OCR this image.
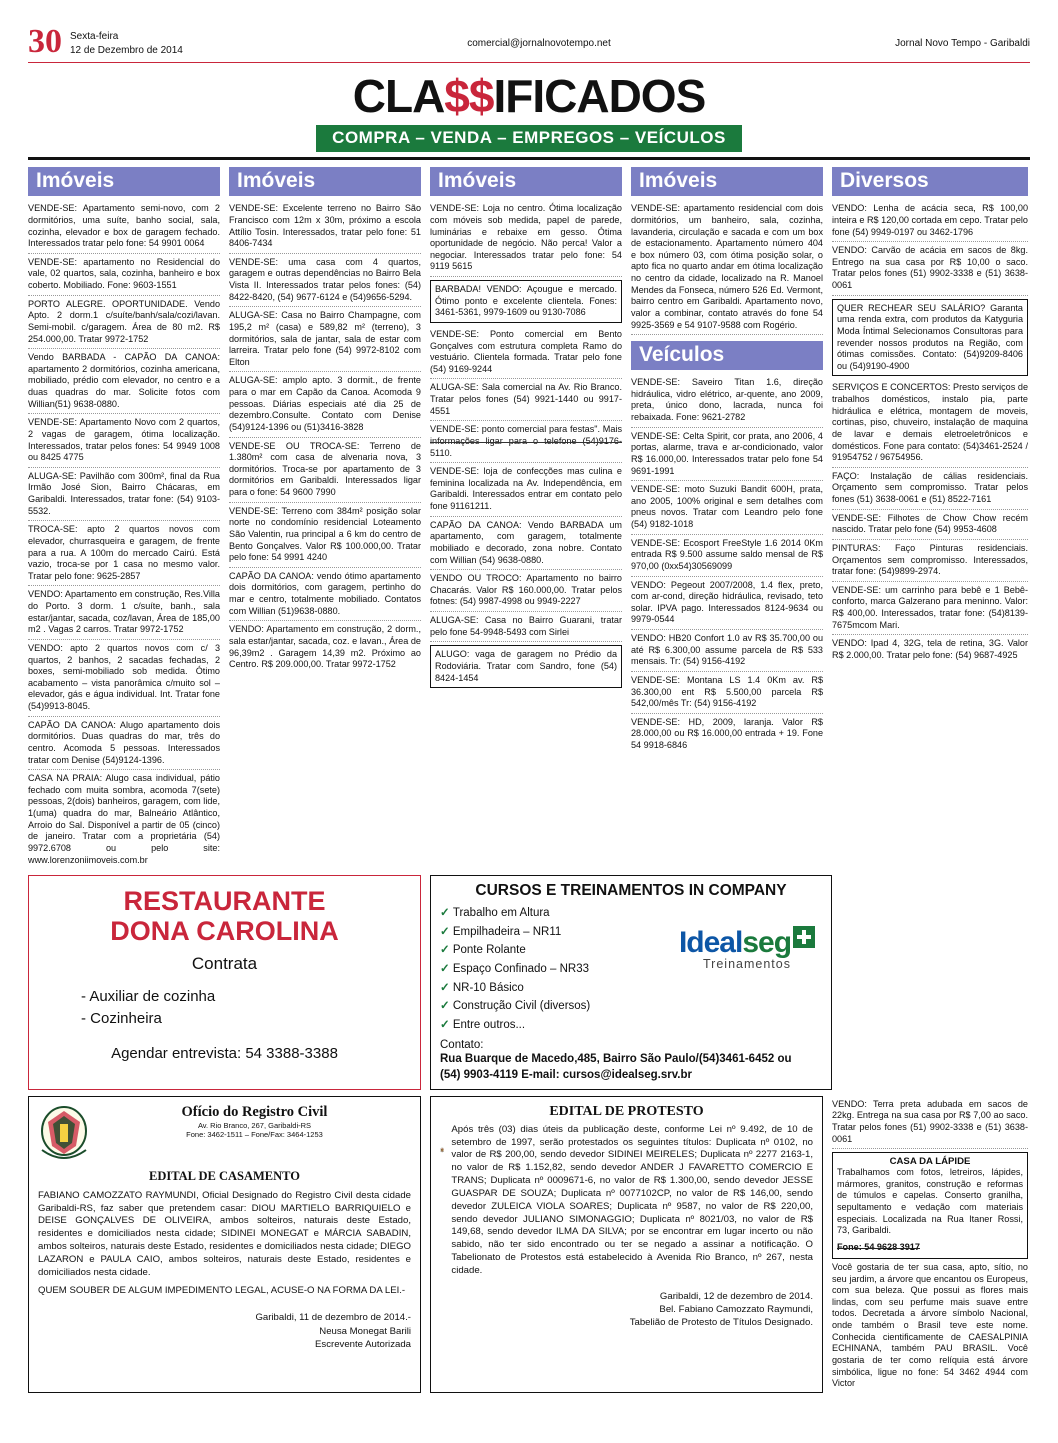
30 Sexta-feira
12 de Dezembro de 2014
comercial@jornalnovotempo.net	Jornal Novo Tempo - Garibaldi
CLA$$IFICADOS
COMPRA – VENDA – EMPREGOS – VEÍCULOS
Imóveis
VENDE-SE: Apartamento semi-novo, com 2 dormitórios, uma suíte, banho social, sala, cozinha, elevador e box de garagem fechado. Interessados tratar pelo fone: 54 9901 0064
VENDE-SE: apartamento no Residencial do vale, 02 quartos, sala, cozinha, banheiro e box coberto. Mobiliado. Fone: 9603-1551
PORTO ALEGRE. OPORTUNIDADE. Vendo Apto. 2 dorm.1 c/suíte/banh/sala/cozi/lavan. Semi-mobil. c/garagem. Área de 80 m2. R$ 254.000,00. Tratar 9972-1752
Vendo BARBADA - CAPÃO DA CANOA: apartamento 2 dormitórios, cozinha americana, mobiliado, prédio com elevador, no centro e a duas quadras do mar. Solicite fotos com Willian(51) 9638-0880.
VENDE-SE: Apartamento Novo com 2 quartos, 2 vagas de garagem, ótima localização. Interessados, tratar pelos fones: 54 9949 1008 ou 8425 4775
ALUGA-SE: Pavilhão com 300m², final da Rua Irmão José Sion, Bairro Chácaras, em Garibaldi. Interessados, tratar fone: (54) 9103-5532.
TROCA-SE: apto 2 quartos novos com elevador, churrasqueira e garagem, de frente para a rua. A 100m do mercado Cairú. Está vazio, troca-se por 1 casa no mesmo valor. Tratar pelo fone: 9625-2857
VENDO: Apartamento em construção, Res.Villa do Porto. 3 dorm. 1 c/suíte, banh., sala estar/jantar, sacada, coz/lavan, Área de 185,00 m2 . Vagas 2 carros. Tratar 9972-1752
VENDO: apto 2 quartos novos com c/ 3 quartos, 2 banhos, 2 sacadas fechadas, 2 boxes, semi-mobiliado sob medida. Ótimo acabamento – vista panorâmica c/muito sol – elevador, gás e água individual. Int. Tratar fone (54)9913-8045.
CAPÃO DA CANOA: Alugo apartamento dois dormitórios. Duas quadras do mar, três do centro. Acomoda 5 pessoas. Interessados tratar com Denise (54)9124-1396.
CASA NA PRAIA: Alugo casa individual, pátio fechado com muita sombra, acomoda 7(sete) pessoas, 2(dois) banheiros, garagem, com lide, 1(uma) quadra do mar, Balneário Atlântico, Arroio do Sal. Disponível a partir de 05 (cinco) de janeiro. Tratar com a proprietária (54) 9972.6708 ou pelo site: www.lorenzoniimoveis.com.br
Imóveis
VENDE-SE: Excelente terreno no Bairro São Francisco com 12m x 30m, próximo a escola Attílio Tosin. Interessados, tratar pelo fone: 51 8406-7434
VENDE-SE: uma casa com 4 quartos, garagem e outras dependências no Bairro Bela Vista II. Interessados tratar pelos fones: (54) 8422-8420, (54) 9677-6124 e (54)9656-5294.
ALUGA-SE: Casa no Bairro Champagne, com 195,2 m² (casa) e 589,82 m² (terreno), 3 dormitórios, sala de jantar, sala de estar com larreira. Tratar pelo fone (54) 9972-8102 com Elton
ALUGA-SE: amplo apto. 3 dormit., de frente para o mar em Capão da Canoa. Acomoda 9 pessoas. Diárias especiais até dia 25 de dezembro.Consulte. Contato com Denise (54)9124-1396 ou (51)3416-3828
VENDE-SE OU TROCA-SE: Terreno de 1.380m² com casa de alvenaria nova, 3 dormitórios. Troca-se por apartamento de 3 dormitórios em Garibaldi. Interessados ligar para o fone: 54 9600 7990
VENDE-SE: Terreno com 384m² posição solar norte no condomínio residencial Loteamento São Valentin, rua principal a 6 km do centro de Bento Gonçalves. Valor R$ 100.000,00. Tratar pelo fone: 54 9991 4240
CAPÃO DA CANOA: vendo ótimo apartamento dois dormitórios, com garagem, pertinho do mar e centro, totalmente mobiliado. Contatos com Willian (51)9638-0880.
VENDO: Apartamento em construção, 2 dorm., sala estar/jantar, sacada, coz. e lavan., Área de 96,39m2 . Garagem 14,39 m2. Próximo ao Centro. R$ 209.000,00. Tratar 9972-1752
Imóveis
VENDE-SE: Loja no centro. Ótima localização com móveis sob medida, papel de parede, luminárias e rebaixe em gesso. Ótima oportunidade de negócio. Não perca! Valor a negociar. Interessados tratar pelo fone: 54 9119 5615
BARBADA! VENDO: Açougue e mercado. Ótimo ponto e excelente clientela. Fones: 3461-5361, 9979-1609 ou 9130-7086
VENDE-SE: Ponto comercial em Bento Gonçalves com estrutura completa Ramo do vestuário. Clientela formada. Tratar pelo fone (54) 9169-9244
ALUGA-SE: Sala comercial na Av. Rio Branco. Tratar pelos fones (54) 9921-1440 ou 9917-4551
VENDE-SE: ponto comercial para festas". Mais informações ligar para o telefone (54)9176-5110.
VENDE-SE: loja de confecções mas culina e feminina localizada na Av. Independência, em Garibaldi. Interessados entrar em contato pelo fone 91161211.
CAPÃO DA CANOA: Vendo BARBADA um apartamento, com garagem, totalmente mobiliado e decorado, zona nobre. Contato com Willian (54) 9638-0880.
VENDO OU TROCO: Apartamento no bairro Chacarás. Valor R$ 160.000,00. Tratar pelos fotnes: (54) 9987-4998 ou 9949-2227
ALUGA-SE: Casa no Bairro Guarani, tratar pelo fone 54-9948-5493 com Sirlei
ALUGO: vaga de garagem no Prédio da Rodoviária. Tratar com Sandro, fone (54) 8424-1454
Imóveis
VENDE-SE: apartamento residencial com dois dormitórios, um banheiro, sala, cozinha, lavanderia, circulação e sacada e com um box de estacionamento. Apartamento número 404 e box número 03, com ótima posição solar, o apto fica no quarto andar em ótima localização no centro da cidade, localizado na R. Manoel Mendes da Fonseca, número 526 Ed. Vermont, bairro centro em Garibaldi. Apartamento novo, valor a combinar, contato através do fone 54 9925-3569 e 54 9107-9588 com Rogério.
Veículos
VENDE-SE: Saveiro Titan 1.6, direção hidráulica, vidro elétrico, ar-quente, ano 2009, preta, único dono, lacrada, nunca foi rebaixada. Fone: 9621-2782
VENDE-SE: Celta Spirit, cor prata, ano 2006, 4 portas, alarme, trava e ar-condicionado, valor R$ 16.000,00. Interessados tratar pelo fone 54 9691-1991
VENDE-SE: moto Suzuki Bandit 600H, prata, ano 2005, 100% original e sem detalhes com pneus novos. Tratar com Leandro pelo fone (54) 9182-1018
VENDE-SE: Ecosport FreeStyle 1.6 2014 0Km entrada R$ 9.500 assume saldo mensal de R$ 970,00 (0xx54)30569099
VENDO: Pegeout 2007/2008, 1.4 flex, preto, com ar-cond, direção hidráulica, revisado, teto solar. IPVA pago. Interessados 8124-9634 ou 9979-0544
VENDO: HB20 Confort 1.0 av R$ 35.700,00 ou até R$ 6.300,00 assume parcela de R$ 533 mensais. Tr: (54) 9156-4192
VENDE-SE: Montana LS 1.4 0Km av. R$ 36.300,00 ent R$ 5.500,00 parcela R$ 542,00/mês Tr: (54) 9156-4192
VENDE-SE: HD, 2009, laranja. Valor R$ 28.000,00 ou R$ 16.000,00 entrada + 19. Fone 54 9918-6846
Diversos
VENDO: Lenha de acácia seca, R$ 100,00 inteira e R$ 120,00 cortada em cepo. Tratar pelo fone (54) 9949-0197 ou 3462-1796
VENDO: Carvão de acácia em sacos de 8kg. Entrego na sua casa por R$ 10,00 o saco. Tratar pelos fones (51) 9902-3338 e (51) 3638-0061
QUER RECHEAR SEU SALÁRIO? Garanta uma renda extra, com produtos da Katyguria Moda Íntimal Selecionamos Consultoras para revender nossos produtos na Região, com ótimas comissões. Contato: (54)9209-8406 ou (54)9190-4900
SERVIÇOS E CONCERTOS: Presto serviços de trabalhos domésticos, instalo pia, parte hidráulica e elétrica, montagem de moveis, cortinas, piso, chuveiro, instalação de maquina de lavar e demais eletroeletrônicos e domésticos. Fone para contato: (54)3461-2524 / 91954752 / 96754956.
FAÇO: Instalação de cálias residenciais. Orçamento sem compromisso. Tratar pelos fones (51) 3638-0061 e (51) 8522-7161
VENDE-SE: Filhotes de Chow Chow recém nascido. Tratar pelo fone (54) 9953-4608
PINTURAS: Faço Pinturas residenciais. Orçamentos sem compromisso. Interessados, tratar fone: (54)9899-2974.
VENDE-SE: um carrinho para bebê e 1 Bebê-conforto, marca Galzerano para meninno. Valor: R$ 400,00. Interessados, tratar fone: (54)8139-7675mcom Mari.
VENDO: Ipad 4, 32G, tela de retina, 3G. Valor R$ 2.000,00. Tratar pelo fone: (54) 9687-4925
RESTAURANTE
DONA CAROLINA
Contrata
- Auxiliar de cozinha
- Cozinheira
Agendar entrevista: 54 3388-3388
CURSOS E TREINAMENTOS IN COMPANY
✓ Trabalho em Altura
✓ Empilhadeira – NR11
✓ Ponte Rolante
✓ Espaço Confinado – NR33
✓ NR-10 Básico
✓ Construção Civil (diversos)
✓ Entre outros...
Idealseg
Treinamentos
Contato:
Rua Buarque de Macedo,485, Bairro São Paulo/(54)3461-6452 ou
(54) 9903-4119 E-mail: cursos@idealseg.srv.br
Ofício do Registro Civil
Av. Rio Branco, 267, Garibaldi-RS
Fone: 3462-1511 – Fone/Fax: 3464-1253
EDITAL DE CASAMENTO
FABIANO CAMOZZATO RAYMUNDI, Oficial Designado do Registro Civil desta cidade Garibaldi-RS, faz saber que pretendem casar: DIOU MARTIELO BARRIQUIELO e DEISE GONÇALVES DE OLIVEIRA, ambos solteiros, naturais deste Estado, residentes e domiciliados nesta cidade; SIDINEI MONEGAT e MÁRCIA SABADIN, ambos solteiros, naturais deste Estado, residentes e domiciliados nesta cidade; DIEGO LAZARON e PAULA CAIO, ambos solteiros, naturais deste Estado, residentes e domiciliados nesta cidade.
QUEM SOUBER DE ALGUM IMPEDIMENTO LEGAL, ACUSE-O NA FORMA DA LEI.-
Garibaldi, 11 de dezembro de 2014.-
Neusa Monegat Barili
Escrevente Autorizada
EDITAL DE PROTESTO
Após três (03) dias úteis da publicação deste, conforme Lei nº 9.492, de 10 de setembro de 1997, serão protestados os seguintes títulos: Duplicata nº 0102, no valor de R$ 200,00, sendo devedor SIDINEI MEIRELES; Duplicata nº 2277 2163-1, no valor de R$ 1.152,82, sendo devedor ANDER J FAVARETTO COMERCIO E TRANS; Duplicata nº 0009671-6, no valor de R$ 1.300,00, sendo devedor JESSE GUASPAR DE SOUZA; Duplicata nº 0077102CP, no valor de R$ 146,00, sendo devedor ZULEICA VIOLA SOARES; Duplicata nº 9587, no valor de R$ 220,00, sendo devedor JULIANO SIMONAGGIO; Duplicata nº 8021/03, no valor de R$ 149,68, sendo devedor ILMA DA SILVA; por se encontrar em lugar incerto ou não sabido, não ter sido encontrado ou ter se negado a assinar a notificação. O Tabelionato de Protestos está estabelecido à Avenida Rio Branco, nº 267, nesta cidade.
Garibaldi, 12 de dezembro de 2014.
Bel. Fabiano Camozzato Raymundi,
Tabelião de Protesto de Títulos Designado.
VENDO: Terra preta adubada em sacos de 22kg. Entrega na sua casa por R$ 7,00 ao saco. Tratar pelos fones (51) 9902-3338 e (51) 3638-0061
CASA DA LÁPIDE
Trabalhamos com fotos, letreiros, lápides, mármores, granitos, construção e reformas de túmulos e capelas. Conserto granilha, sepultamento e vedação com materiais especiais. Localizada na Rua Itaner Rossi, 73, Garibaldi.
Fone: 54 9628 3917
Você gostaria de ter sua casa, apto, sítio, no seu jardim, a árvore que encantou os Europeus, com sua beleza. Que possui as flores mais lindas, com seu perfume mais suave entre todos. Decretada a árvore símbolo Nacional, onde também o Brasil teve este nome. Conhecida cientificamente de CAESALPINIA ECHINANA, também PAU BRASIL. Você gostaria de ter como relíquia está árvore simbólica, ligue no fone: 54 3462 4944 com Victor
